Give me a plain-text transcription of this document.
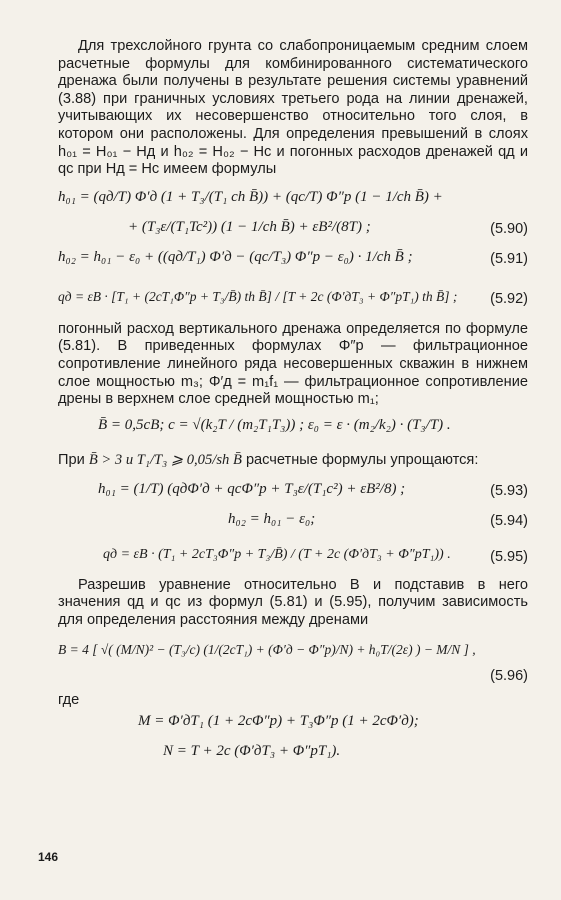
Для трехслойного грунта со слабопроницаемым средним слоем расчетные формулы для комбинированного систематического дренажа были получены в результате решения системы уравнений (3.88) при граничных условиях третьего рода на линии дренажей, учитывающих их несовершенство относительно того слоя, в котором они расположены. Для определения превышений в слоях h₀₁ = H₀₁ − Hд и h₀₂ = H₀₂ − Hс и погонных расходов дренажей qд и qс при Hд = Hс имеем формулы

h₀₁ = (qд/T) Φ′д (1 + T₃/(T₁ ch B̄)) + (qс/T) Φ″р (1 − 1/ch B̄) +
+ (T₃ε/(T₁Tc²)) (1 − 1/ch B̄) + εB²/(8T) ;	(5.90)
h₀₂ = h₀₁ − ε₀ + ((qд/T₁) Φ′д − (qс/T₃) Φ″р − ε₀) · 1/ch B̄ ;	(5.91)
qд = εB · [T₁ + (2cT₁Φ″р + T₃/B̄) th B̄] / [T + 2c (Φ′дT₃ + Φ″рT₁) th B̄] ;	(5.92)

погонный расход вертикального дренажа определяется по формуле (5.81). В приведенных формулах Φ″р — фильтрационное сопротивление линейного ряда несовершенных скважин в нижнем слое мощностью m₃; Φ′д = m₁f₁ — фильтрационное сопротивление дрены в верхнем слое средней мощностью m₁;

B̄ = 0,5cB; c = √(k₂T / (m₂T₁T₃)) ; ε₀ = ε · (m₂/k₂) · (T₃/T) .
При B̄ > 3 и T₁/T₃ ⩾ 0,05/sh B̄ расчетные формулы упрощаются:
h₀₁ = (1/T) (qдΦ′д + qсΦ″р + T₃ε/(T₁c²) + εB²/8) ;	(5.93)
h₀₂ = h₀₁ − ε₀;	(5.94)
qд = εB · (T₁ + 2cT₃Φ″р + T₃/B̄) / (T + 2c (Φ′дT₃ + Φ″рT₁)) .	(5.95)

Разрешив уравнение относительно B и подставив в него значения qд и qс из формул (5.81) и (5.95), получим зависимость для определения расстояния между дренами

B = 4 [ √( (M/N)² − (T₃/c) (1/(2cT₁) + (Φ′д − Φ″р)/N) + h₀T/(2ε) ) − M/N ] ,
(5.96)

где

M = Φ′дT₁ (1 + 2cΦ″р) + T₃Φ″р (1 + 2cΦ′д);
N = T + 2c (Φ′дT₃ + Φ″рT₁).
146
